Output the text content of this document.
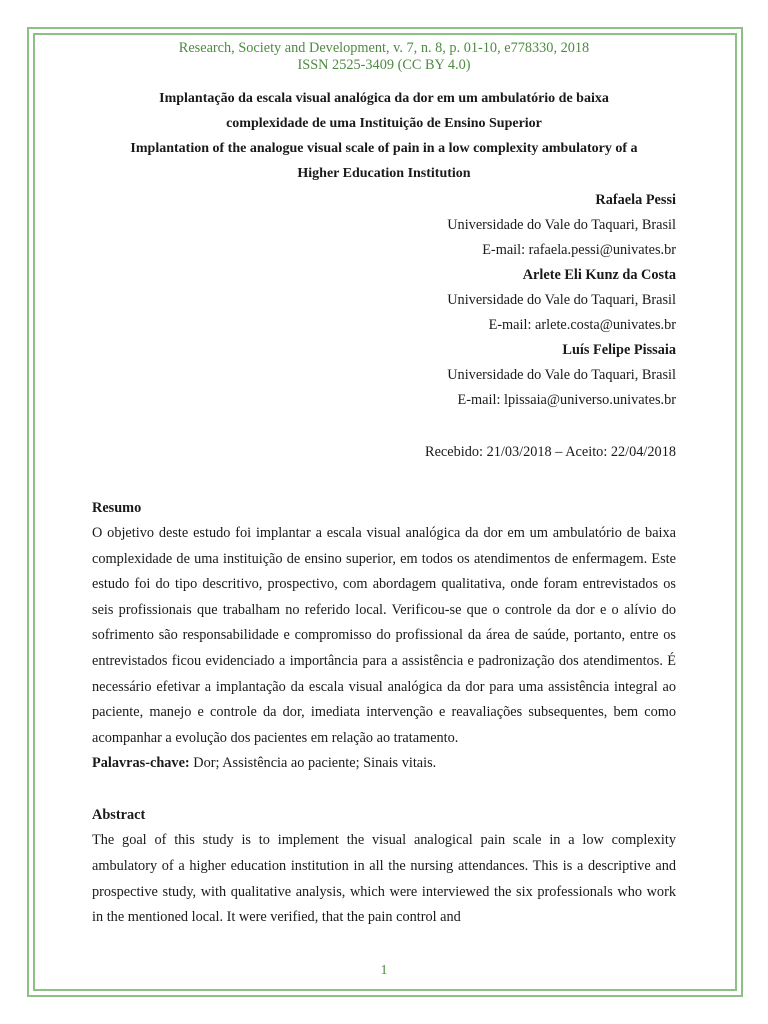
Research, Society and Development, v. 7, n. 8, p. 01-10, e778330, 2018

ISSN 2525-3409 (CC BY 4.0)

Implantação da escala visual analógica da dor em um ambulatório de baixa
complexidade de uma Instituição de Ensino Superior
Implantation of the analogue visual scale of pain in a low complexity ambulatory of a
Higher Education Institution
Rafaela Pessi
Universidade do Vale do Taquari, Brasil
E-mail: rafaela.pessi@univates.br
Arlete Eli Kunz da Costa
Universidade do Vale do Taquari, Brasil
E-mail: arlete.costa@univates.br
Luís Felipe Pissaia
Universidade do Vale do Taquari, Brasil
E-mail: lpissaia@universo.univates.br
Recebido: 21/03/2018 – Aceito: 22/04/2018
Resumo

O objetivo deste estudo foi implantar a escala visual analógica da dor em um ambulatório de baixa complexidade de uma instituição de ensino superior, em todos os atendimentos de enfermagem. Este estudo foi do tipo descritivo, prospectivo, com abordagem qualitativa, onde foram entrevistados os seis profissionais que trabalham no referido local. Verificou-se que o controle da dor e o alívio do sofrimento são responsabilidade e compromisso do profissional da área de saúde, portanto, entre os entrevistados ficou evidenciado a importância para a assistência e padronização dos atendimentos. É necessário efetivar a implantação da escala visual analógica da dor para uma assistência integral ao paciente, manejo e controle da dor, imediata intervenção e reavaliações subsequentes, bem como acompanhar a evolução dos pacientes em relação ao tratamento.

Palavras-chave: Dor; Assistência ao paciente; Sinais vitais.

Abstract

The goal of this study is to implement the visual analogical pain scale in a low complexity ambulatory of a higher education institution in all the nursing attendances. This is a descriptive and prospective study, with qualitative analysis, which were interviewed the six professionals who work in the mentioned local. It were verified, that the pain control and

1
